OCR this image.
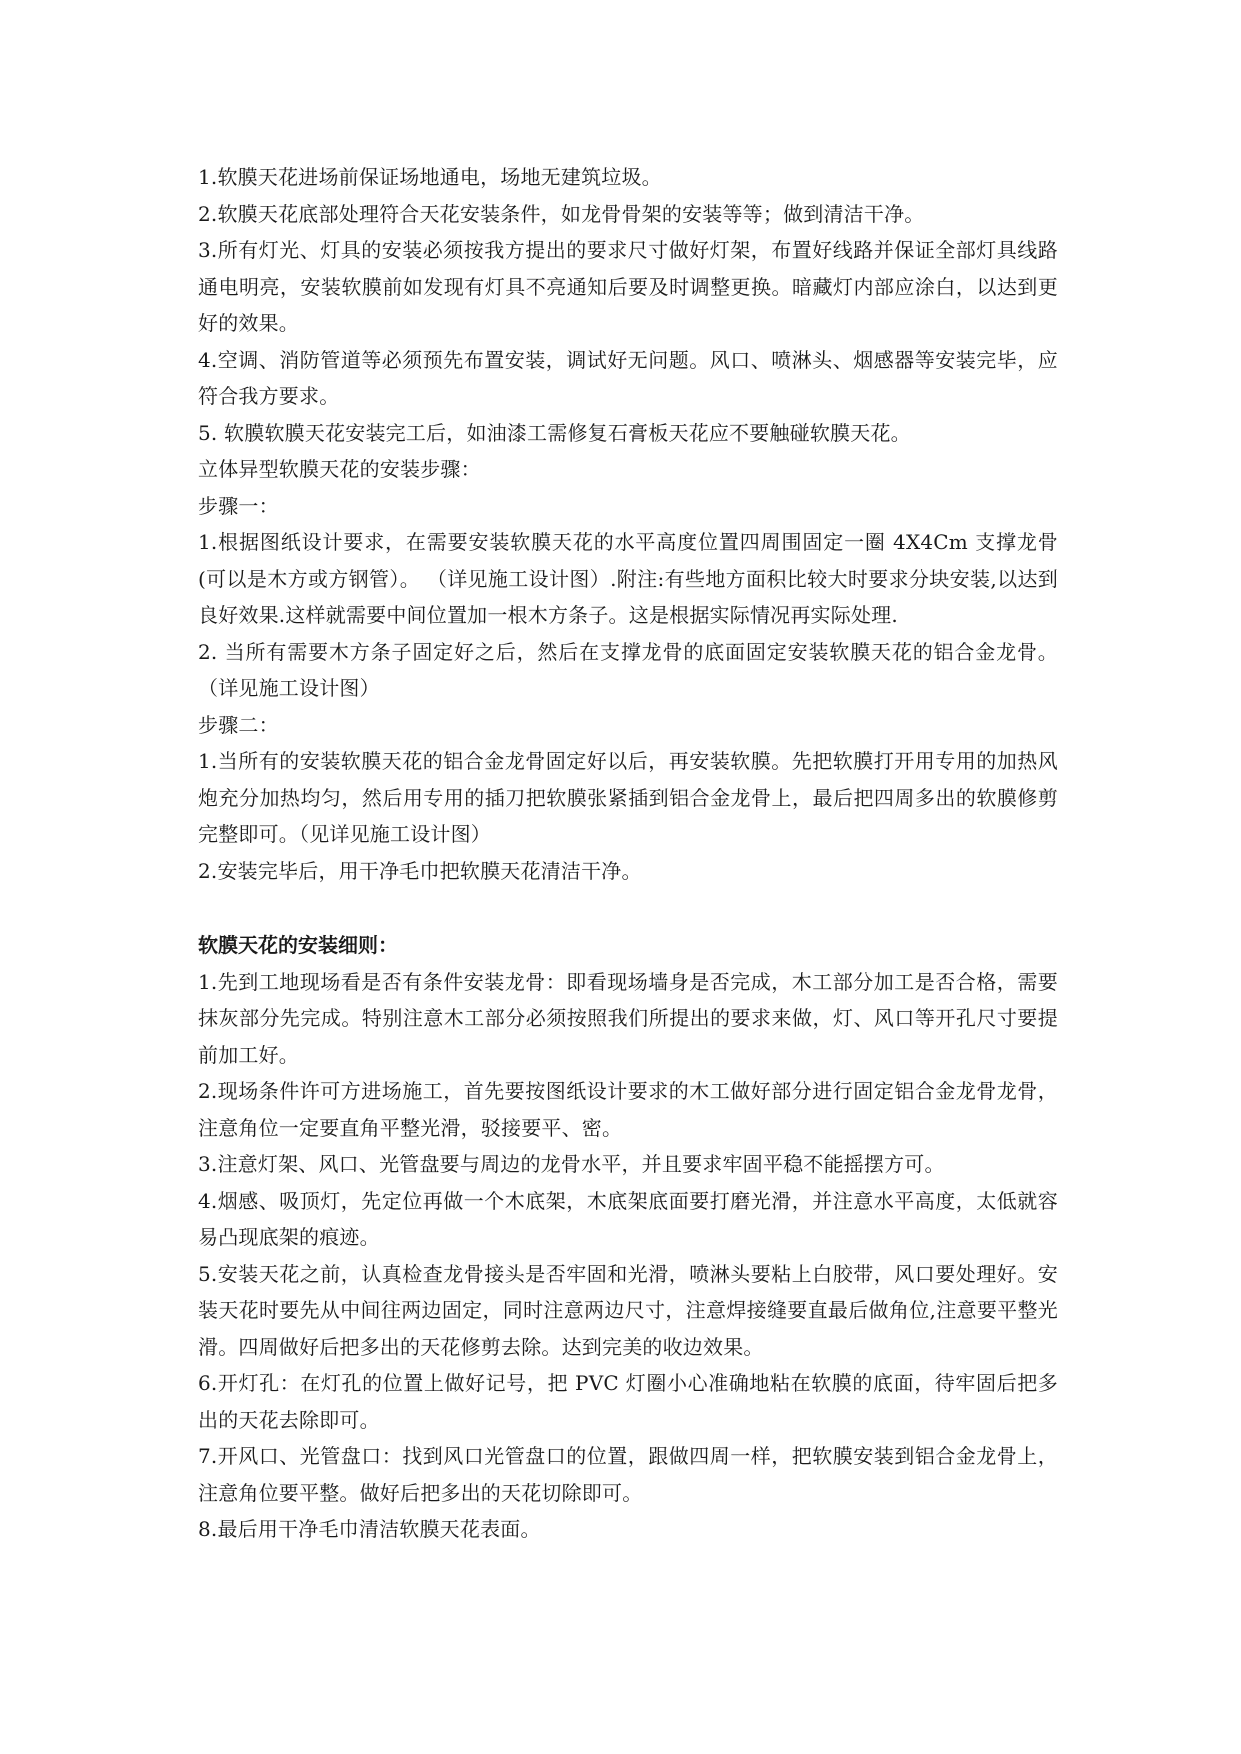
1.软膜天花进场前保证场地通电，场地无建筑垃圾。

2.软膜天花底部处理符合天花安装条件，如龙骨骨架的安装等等；做到清洁干净。

3.所有灯光、灯具的安装必须按我方提出的要求尺寸做好灯架，布置好线路并保证全部灯具线路通电明亮，安装软膜前如发现有灯具不亮通知后要及时调整更换。暗藏灯内部应涂白，以达到更好的效果。

4.空调、消防管道等必须预先布置安装，调试好无问题。风口、喷淋头、烟感器等安装完毕，应符合我方要求。

5. 软膜软膜天花安装完工后，如油漆工需修复石膏板天花应不要触碰软膜天花。

立体异型软膜天花的安装步骤：

步骤一：

1.根据图纸设计要求，在需要安装软膜天花的水平高度位置四周围固定一圈 4X4Cm 支撑龙骨(可以是木方或方钢管）。 （详见施工设计图）.附注:有些地方面积比较大时要求分块安装,以达到良好效果.这样就需要中间位置加一根木方条子。这是根据实际情况再实际处理.

2. 当所有需要木方条子固定好之后，然后在支撑龙骨的底面固定安装软膜天花的铝合金龙骨。（详见施工设计图）

步骤二：

1.当所有的安装软膜天花的铝合金龙骨固定好以后，再安装软膜。先把软膜打开用专用的加热风炮充分加热均匀，然后用专用的插刀把软膜张紧插到铝合金龙骨上，最后把四周多出的软膜修剪完整即可。（见详见施工设计图）

2.安装完毕后，用干净毛巾把软膜天花清洁干净。

软膜天花的安装细则：

1.先到工地现场看是否有条件安装龙骨：即看现场墙身是否完成，木工部分加工是否合格，需要抹灰部分先完成。特别注意木工部分必须按照我们所提出的要求来做，灯、风口等开孔尺寸要提前加工好。

2.现场条件许可方进场施工，首先要按图纸设计要求的木工做好部分进行固定铝合金龙骨龙骨，注意角位一定要直角平整光滑，驳接要平、密。

3.注意灯架、风口、光管盘要与周边的龙骨水平，并且要求牢固平稳不能摇摆方可。

4.烟感、吸顶灯，先定位再做一个木底架，木底架底面要打磨光滑，并注意水平高度，太低就容易凸现底架的痕迹。

5.安装天花之前，认真检查龙骨接头是否牢固和光滑，喷淋头要粘上白胶带，风口要处理好。安装天花时要先从中间往两边固定，同时注意两边尺寸，注意焊接缝要直最后做角位,注意要平整光滑。四周做好后把多出的天花修剪去除。达到完美的收边效果。

6.开灯孔：在灯孔的位置上做好记号，把 PVC 灯圈小心准确地粘在软膜的底面，待牢固后把多出的天花去除即可。

7.开风口、光管盘口：找到风口光管盘口的位置，跟做四周一样，把软膜安装到铝合金龙骨上，注意角位要平整。做好后把多出的天花切除即可。

8.最后用干净毛巾清洁软膜天花表面。
